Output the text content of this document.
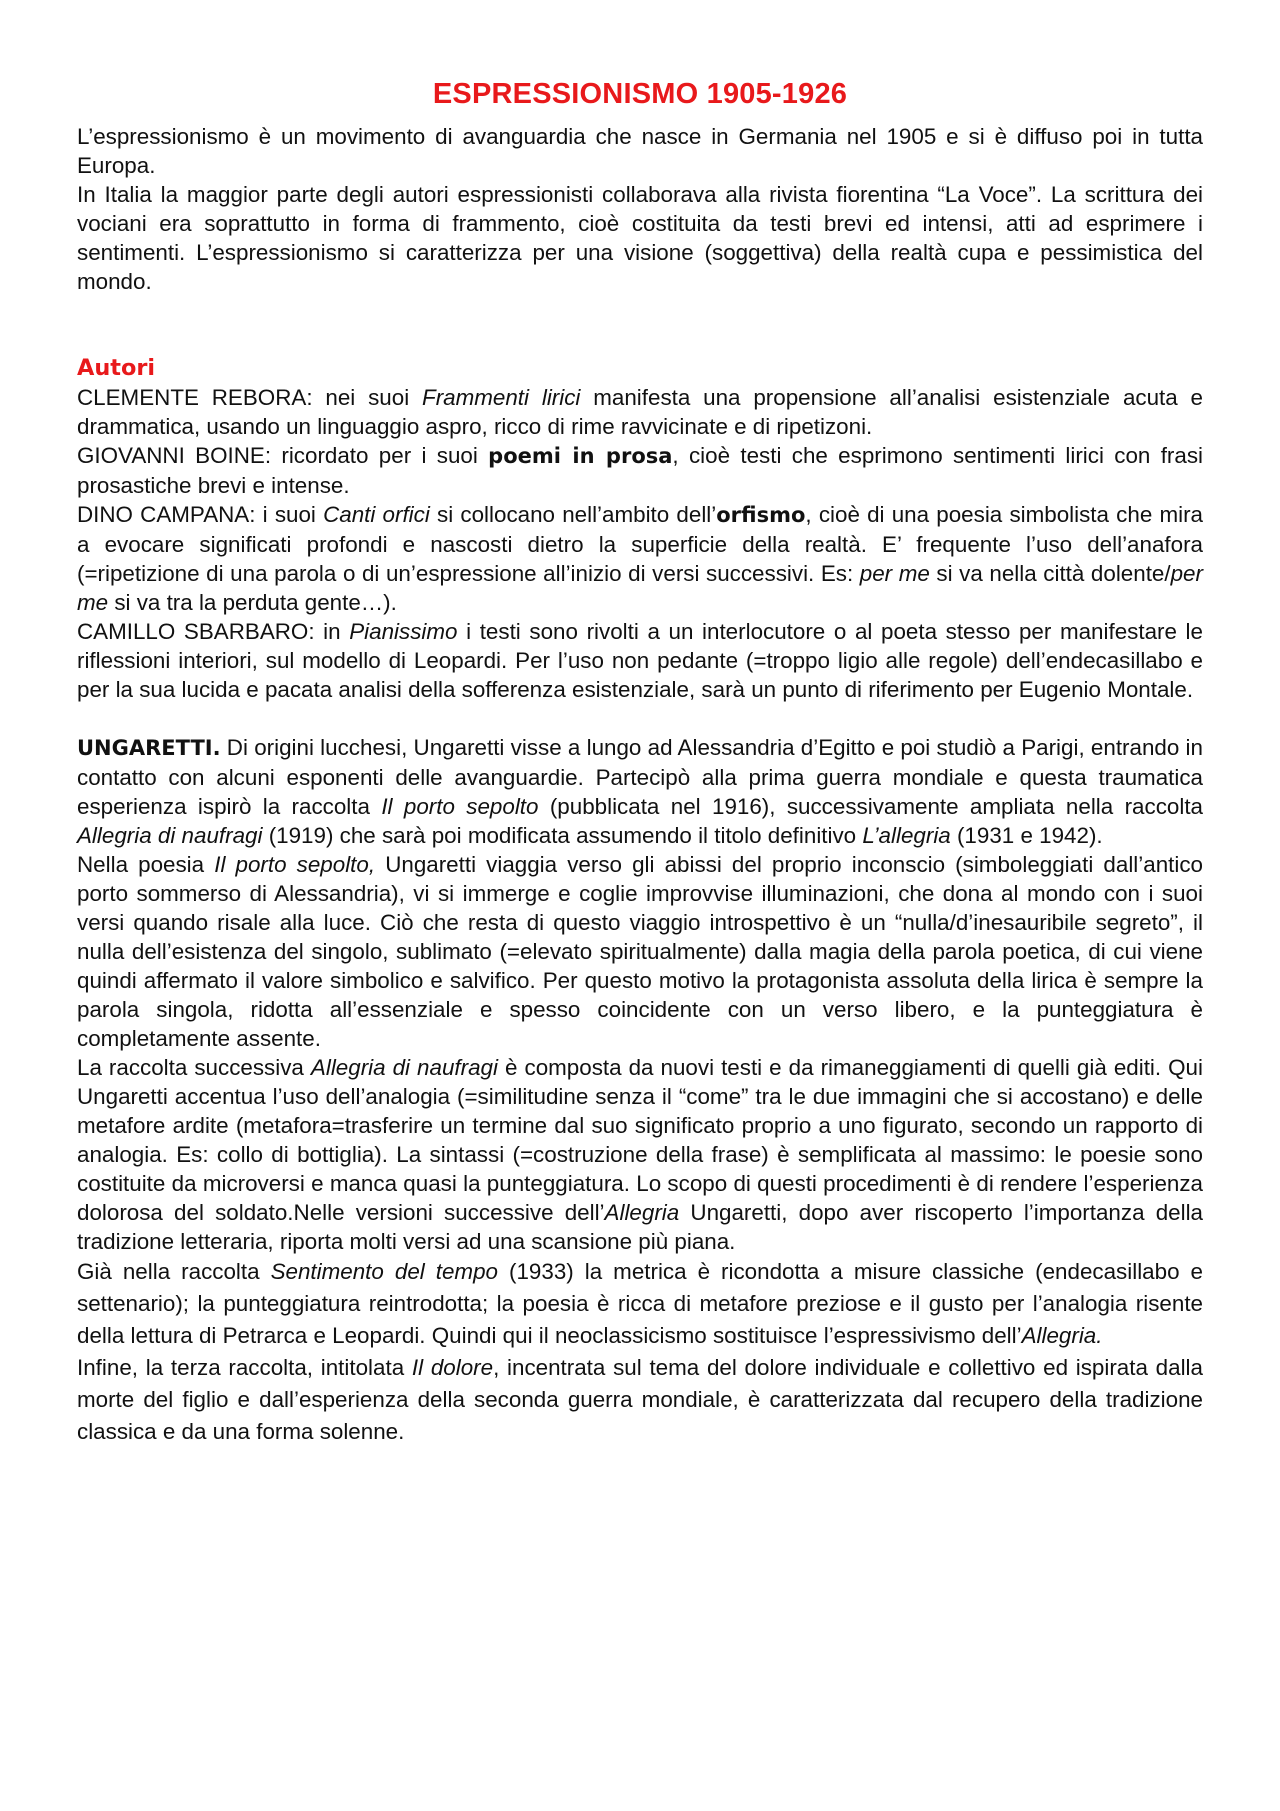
ESPRESSIONISMO 1905-1926

L’espressionismo è un movimento di avanguardia che nasce in Germania nel 1905 e si è diffuso poi in tutta Europa.

In Italia la maggior parte degli autori espressionisti collaborava alla rivista fiorentina “La Voce”. La scrittura dei vociani era soprattutto in forma di frammento, cioè costituita da testi brevi ed intensi, atti ad esprimere i sentimenti. L’espressionismo si caratterizza per una visione (soggettiva) della realtà cupa e pessimistica del mondo.

Autori

CLEMENTE REBORA: nei suoi Frammenti lirici manifesta una propensione all’analisi esistenziale acuta e drammatica, usando un linguaggio aspro, ricco di rime ravvicinate e di ripetizoni.

GIOVANNI BOINE: ricordato per i suoi poemi in prosa, cioè testi che esprimono sentimenti lirici con frasi prosastiche brevi e intense.

DINO CAMPANA: i suoi Canti orfici si collocano nell’ambito dell’orfismo, cioè di una poesia simbolista che mira a evocare significati profondi e nascosti dietro la superficie della realtà. E’ frequente l’uso dell’anafora (=ripetizione di una parola o di un’espressione all’inizio di versi successivi. Es: per me si va nella città dolente/per me si va tra la perduta gente…).

CAMILLO SBARBARO: in Pianissimo i testi sono rivolti a un interlocutore o al poeta stesso per manifestare le riflessioni interiori, sul modello di Leopardi. Per l’uso non pedante (=troppo ligio alle regole) dell’endecasillabo e per la sua lucida e pacata analisi della sofferenza esistenziale, sarà un punto di riferimento per Eugenio Montale.

UNGARETTI. Di origini lucchesi, Ungaretti visse a lungo ad Alessandria d’Egitto e poi studiò a Parigi, entrando in contatto con alcuni esponenti delle avanguardie. Partecipò alla prima guerra mondiale e questa traumatica esperienza ispirò la raccolta Il porto sepolto (pubblicata nel 1916), successivamente ampliata nella raccolta Allegria di naufragi (1919) che sarà poi modificata assumendo il titolo definitivo L’allegria (1931 e 1942).

Nella poesia Il porto sepolto, Ungaretti viaggia verso gli abissi del proprio inconscio (simboleggiati dall’antico porto sommerso di Alessandria), vi si immerge e coglie improvvise illuminazioni, che dona al mondo con i suoi versi quando risale alla luce. Ciò che resta di questo viaggio introspettivo è un “nulla/d’inesauribile segreto”, il nulla dell’esistenza del singolo, sublimato (=elevato spiritualmente) dalla magia della parola poetica, di cui viene quindi affermato il valore simbolico e salvifico. Per questo motivo la protagonista assoluta della lirica è sempre la parola singola, ridotta all’essenziale e spesso coincidente con un verso libero, e la punteggiatura è completamente assente.

La raccolta successiva Allegria di naufragi è composta da nuovi testi e da rimaneggiamenti di quelli già editi. Qui Ungaretti accentua l’uso dell’analogia (=similitudine senza il “come” tra le due immagini che si accostano) e delle metafore ardite (metafora=trasferire un termine dal suo significato proprio a uno figurato, secondo un rapporto di analogia. Es: collo di bottiglia). La sintassi (=costruzione della frase) è semplificata al massimo: le poesie sono costituite da microversi e manca quasi la punteggiatura. Lo scopo di questi procedimenti è di rendere l’esperienza dolorosa del soldato.Nelle versioni successive dell’Allegria Ungaretti, dopo aver riscoperto l’importanza della tradizione letteraria, riporta molti versi ad una scansione più piana.

Già nella raccolta Sentimento del tempo (1933) la metrica è ricondotta a misure classiche (endecasillabo e settenario); la punteggiatura reintrodotta; la poesia è ricca di metafore preziose e il gusto per l’analogia risente della lettura di Petrarca e Leopardi. Quindi qui il neoclassicismo sostituisce l’espressivismo dell’Allegria.

Infine, la terza raccolta, intitolata Il dolore, incentrata sul tema del dolore individuale e collettivo ed ispirata dalla morte del figlio e dall’esperienza della seconda guerra mondiale, è caratterizzata dal recupero della tradizione classica e da una forma solenne.
